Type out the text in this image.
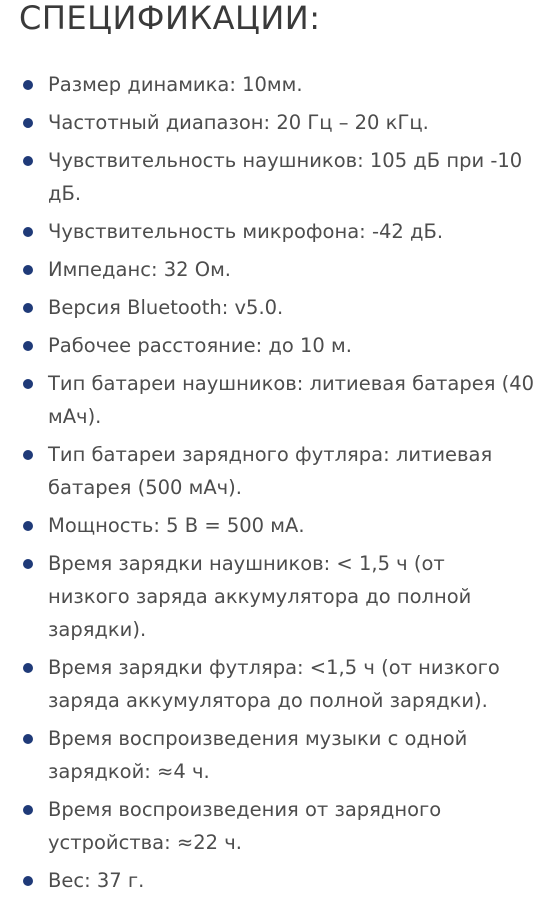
СПЕЦИФИКАЦИИ:
Размер динамика: 10мм.
Частотный диапазон: 20 Гц – 20 кГц.
Чувствительность наушников: 105 дБ при -10
дБ.
Чувствительность микрофона: -42 дБ.
Импеданс: 32 Ом.
Версия Bluetooth: v5.0.
Рабочее расстояние: до 10 м.
Тип батареи наушников: литиевая батарея (40
мАч).
Тип батареи зарядного футляра: литиевая
батарея (500 мАч).
Мощность: 5 В = 500 мА.
Время зарядки наушников: < 1,5 ч (от
низкого заряда аккумулятора до полной
зарядки).
Время зарядки футляра: <1,5 ч (от низкого
заряда аккумулятора до полной зарядки).
Время воспроизведения музыки с одной
зарядкой: ≈4 ч.
Время воспроизведения от зарядного
устройства: ≈22 ч.
Вес: 37 г.
